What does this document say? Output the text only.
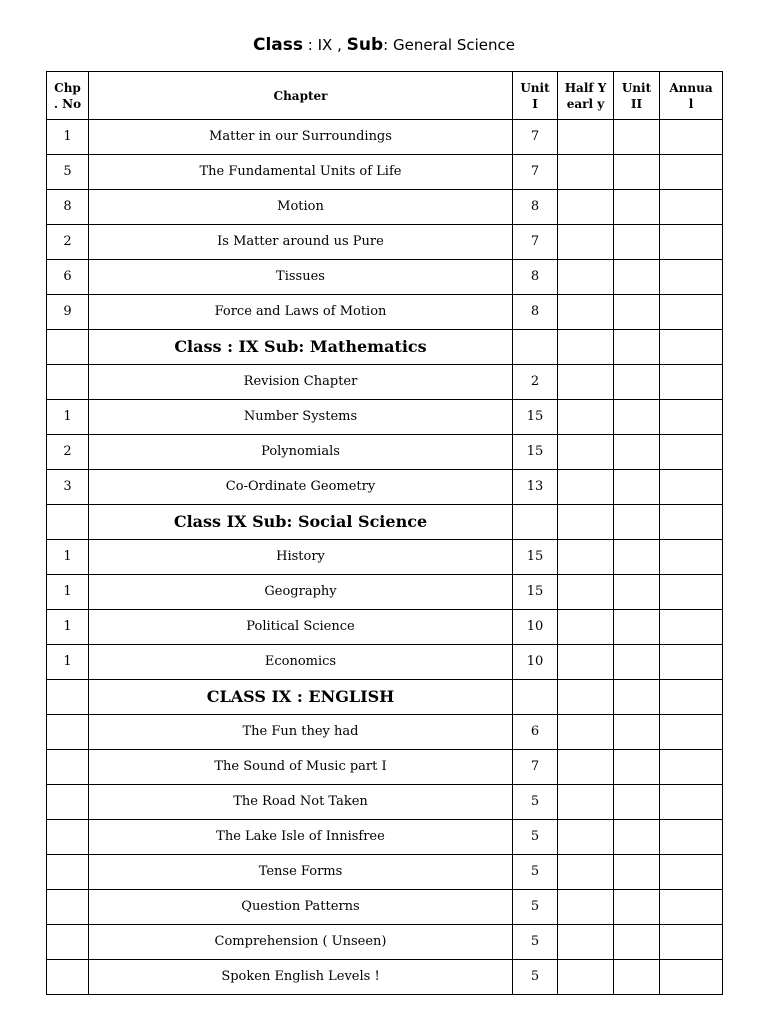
Class : IX , Sub: General Science
Chp . No	Chapter	Unit I	Half Yearl y	Unit II	Annua l
1	Matter in our Surroundings	7			
5	The Fundamental Units of Life	7			
8	Motion	8			
2	Is Matter around us Pure	7			
6	Tissues	8			
9	Force and Laws of Motion	8			
	Class : IX Sub: Mathematics				
	Revision Chapter	2			
1	Number Systems	15			
2	Polynomials	15			
3	Co-Ordinate Geometry	13			
	Class IX Sub: Social Science				
1	History	15			
1	Geography	15			
1	Political Science	10			
1	Economics	10			
	CLASS IX : ENGLISH				
	The Fun they had	6			
	The Sound of Music part I	7			
	The Road Not Taken	5			
	The Lake Isle of Innisfree	5			
	Tense Forms	5			
	Question Patterns	5			
	Comprehension ( Unseen)	5			
	Spoken English Levels !	5			
